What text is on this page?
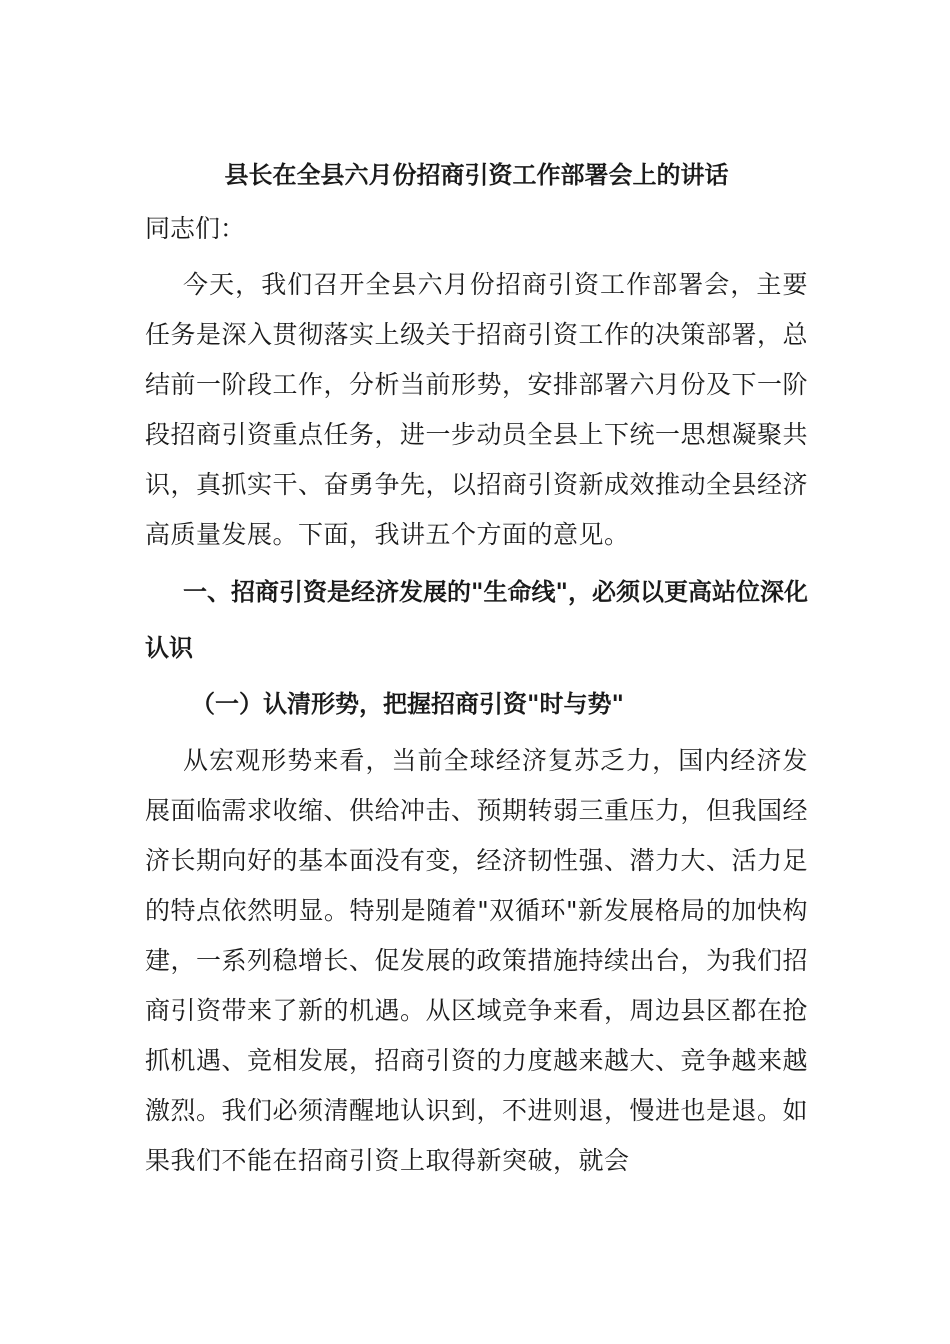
县长在全县六月份招商引资工作部署会上的讲话

同志们：

今天，我们召开全县六月份招商引资工作部署会，主要任务是深入贯彻落实上级关于招商引资工作的决策部署，总结前一阶段工作，分析当前形势，安排部署六月份及下一阶段招商引资重点任务，进一步动员全县上下统一思想凝聚共识，真抓实干、奋勇争先，以招商引资新成效推动全县经济高质量发展。下面，我讲五个方面的意见。

一、招商引资是经济发展的"生命线"，必须以更高站位深化认识
（一）认清形势，把握招商引资"时与势"

从宏观形势来看，当前全球经济复苏乏力，国内经济发展面临需求收缩、供给冲击、预期转弱三重压力，但我国经济长期向好的基本面没有变，经济韧性强、潜力大、活力足的特点依然明显。特别是随着"双循环"新发展格局的加快构建，一系列稳增长、促发展的政策措施持续出台，为我们招商引资带来了新的机遇。从区域竞争来看，周边县区都在抢抓机遇、竞相发展，招商引资的力度越来越大、竞争越来越激烈。我们必须清醒地认识到，不进则退，慢进也是退。如果我们不能在招商引资上取得新突破，就会
